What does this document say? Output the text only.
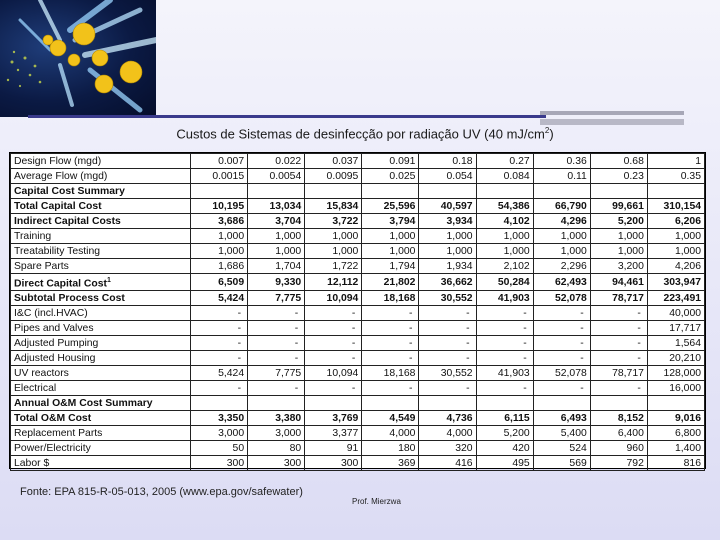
Custos de Sistemas de desinfecção por radiação UV (40 $mJ/cm^2$)
Design Flow (mgd)	0.007	0.022	0.037	0.091	0.18	0.27	0.36	0.68	1
Average Flow (mgd)	0.0015	0.0054	0.0095	0.025	0.054	0.084	0.11	0.23	0.35
Capital Cost Summary									
Total Capital Cost	10,195	13,034	15,834	25,596	40,597	54,386	66,790	99,661	310,154
Indirect Capital Costs	3,686	3,704	3,722	3,794	3,934	4,102	4,296	5,200	6,206
Training	1,000	1,000	1,000	1,000	1,000	1,000	1,000	1,000	1,000
Treatability Testing	1,000	1,000	1,000	1,000	1,000	1,000	1,000	1,000	1,000
Spare Parts	1,686	1,704	1,722	1,794	1,934	2,102	2,296	3,200	4,206
Direct Capital Cost$^1$	6,509	9,330	12,112	21,802	36,662	50,284	62,493	94,461	303,947
Subtotal Process Cost	5,424	7,775	10,094	18,168	30,552	41,903	52,078	78,717	223,491
I&C (incl.HVAC)	-	-	-	-	-	-	-	-	40,000
Pipes and Valves	-	-	-	-	-	-	-	-	17,717
Adjusted Pumping	-	-	-	-	-	-	-	-	1,564
Adjusted Housing	-	-	-	-	-	-	-	-	20,210
UV reactors	5,424	7,775	10,094	18,168	30,552	41,903	52,078	78,717	128,000
Electrical	-	-	-	-	-	-	-	-	16,000
Annual O&M Cost Summary									
Total O&M Cost	3,350	3,380	3,769	4,549	4,736	6,115	6,493	8,152	9,016
Replacement Parts	3,000	3,000	3,377	4,000	4,000	5,200	5,400	6,400	6,800
Power/Electricity	50	80	91	180	320	420	524	960	1,400
Labor $	300	300	300	369	416	495	569	792	816
Fonte: EPA 815-R-05-013, 2005 (www.epa.gov/safewater)
Prof. Mierzwa
